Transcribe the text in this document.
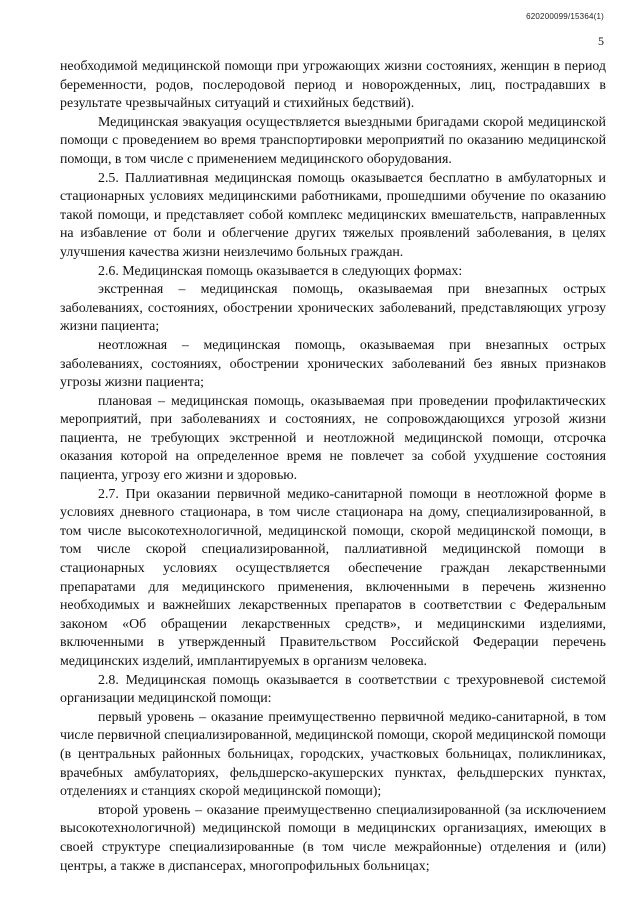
620200099/15364(1)
5

необходимой медицинской помощи при угрожающих жизни состояниях, женщин в период беременности, родов, послеродовой период и новорожденных, лиц, пострадавших в результате чрезвычайных ситуаций и стихийных бедствий).

Медицинская эвакуация осуществляется выездными бригадами скорой медицинской помощи с проведением во время транспортировки мероприятий по оказанию медицинской помощи, в том числе с применением медицинского оборудования.

2.5. Паллиативная медицинская помощь оказывается бесплатно в амбулаторных и стационарных условиях медицинскими работниками, прошедшими обучение по оказанию такой помощи, и представляет собой комплекс медицинских вмешательств, направленных на избавление от боли и облегчение других тяжелых проявлений заболевания, в целях улучшения качества жизни неизлечимо больных граждан.

2.6. Медицинская помощь оказывается в следующих формах:

экстренная – медицинская помощь, оказываемая при внезапных острых заболеваниях, состояниях, обострении хронических заболеваний, представляющих угрозу жизни пациента;

неотложная – медицинская помощь, оказываемая при внезапных острых заболеваниях, состояниях, обострении хронических заболеваний без явных признаков угрозы жизни пациента;

плановая – медицинская помощь, оказываемая при проведении профилактических мероприятий, при заболеваниях и состояниях, не сопровождающихся угрозой жизни пациента, не требующих экстренной и неотложной медицинской помощи, отсрочка оказания которой на определенное время не повлечет за собой ухудшение состояния пациента, угрозу его жизни и здоровью.

2.7. При оказании первичной медико-санитарной помощи в неотложной форме в условиях дневного стационара, в том числе стационара на дому, специализированной, в том числе высокотехнологичной, медицинской помощи, скорой медицинской помощи, в том числе скорой специализированной, паллиативной медицинской помощи в стационарных условиях осуществляется обеспечение граждан лекарственными препаратами для медицинского применения, включенными в перечень жизненно необходимых и важнейших лекарственных препаратов в соответствии с Федеральным законом «Об обращении лекарственных средств», и медицинскими изделиями, включенными в утвержденный Правительством Российской Федерации перечень медицинских изделий, имплантируемых в организм человека.

2.8. Медицинская помощь оказывается в соответствии с трехуровневой системой организации медицинской помощи:

первый уровень – оказание преимущественно первичной медико-санитарной, в том числе первичной специализированной, медицинской помощи, скорой медицинской помощи (в центральных районных больницах, городских, участковых больницах, поликлиниках, врачебных амбулаториях, фельдшерско-акушерских пунктах, фельдшерских пунктах, отделениях и станциях скорой медицинской помощи);

второй уровень – оказание преимущественно специализированной (за исключением высокотехнологичной) медицинской помощи в медицинских организациях, имеющих в своей структуре специализированные (в том числе межрайонные) отделения и (или) центры, а также в диспансерах, многопрофильных больницах;
